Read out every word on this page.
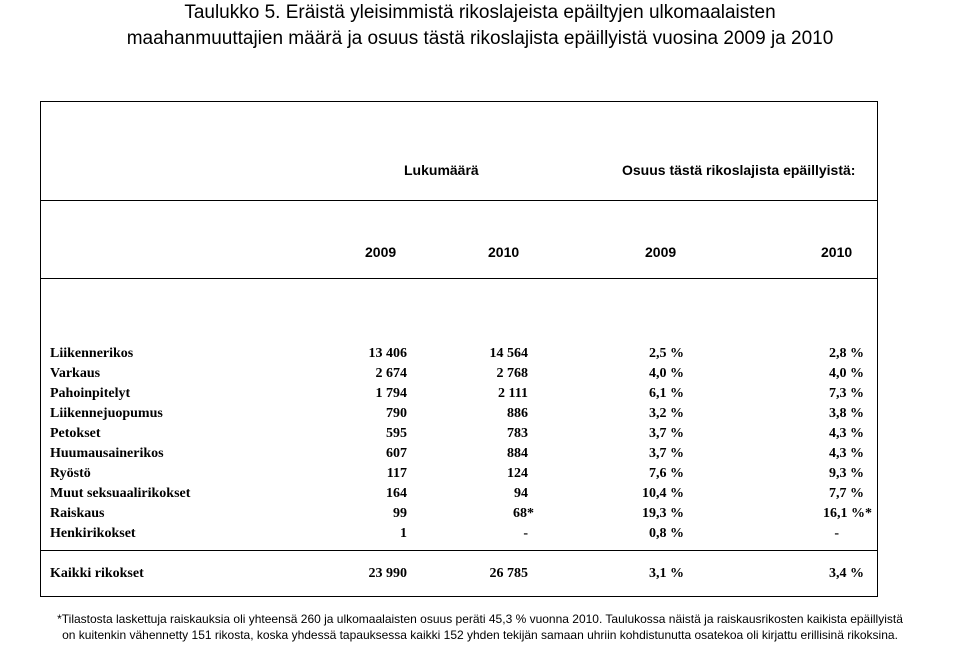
Taulukko 5. Eräistä yleisimmistä rikoslajeista epäiltyjen ulkomaalaisten
maahanmuuttajien määrä ja osuus tästä rikoslajista epäillyistä vuosina 2009 ja 2010
Lukumäärä	Osuus tästä rikoslajista epäillyistä:
2009	2010	2009	2010
Liikennerikos	13 406	14 564	2,5 %	2,8 %
Varkaus	2 674	2 768	4,0 %	4,0 %
Pahoinpitelyt	1 794	2 111	6,1 %	7,3 %
Liikennejuopumus	790	886	3,2 %	3,8 %
Petokset	595	783	3,7 %	4,3 %
Huumausainerikos	607	884	3,7 %	4,3 %
Ryöstö	117	124	7,6 %	9,3 %
Muut seksuaalirikokset	164	94	10,4 %	7,7 %
Raiskaus	99	68*	19,3 %	16,1 %*
Henkirikokset	1	-	0,8 %	-
Kaikki rikokset	23 990	26 785	3,1 %	3,4 %
*Tilastosta laskettuja raiskauksia oli yhteensä 260 ja ulkomaalaisten osuus peräti 45,3 % vuonna 2010. Taulukossa näistä ja raiskausrikosten kaikista epäillyistä
on kuitenkin vähennetty 151 rikosta, koska yhdessä tapauksessa kaikki 152 yhden tekijän samaan uhriin kohdistunutta osatekoa oli kirjattu erillisinä rikoksina.
